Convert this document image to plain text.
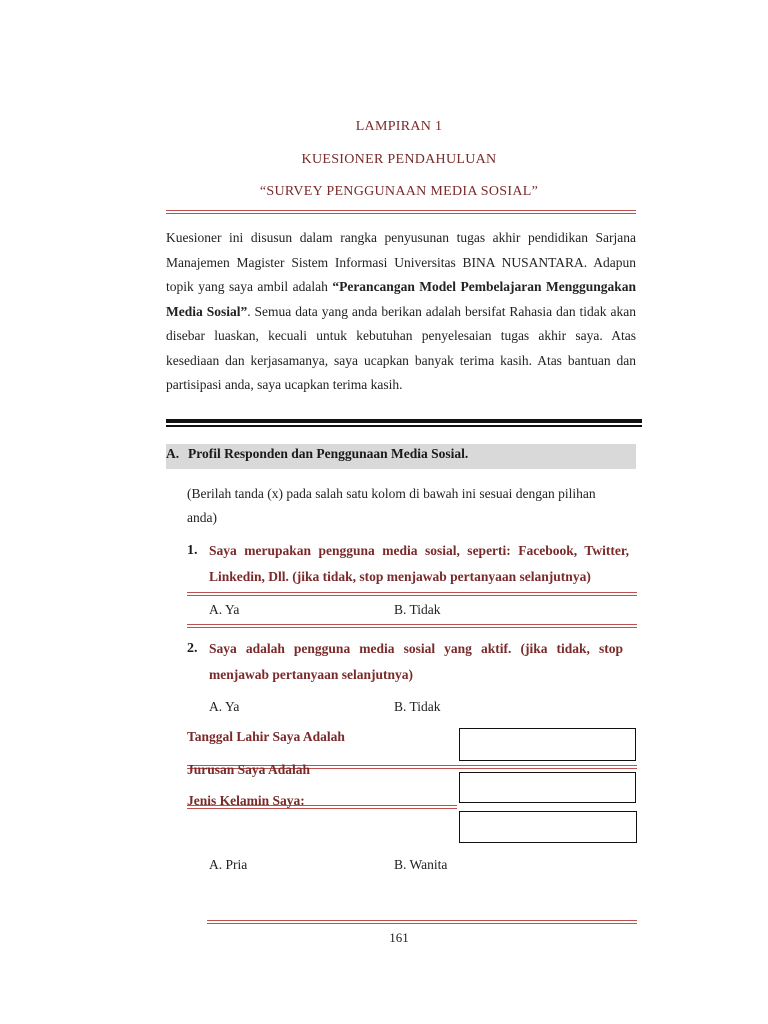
LAMPIRAN 1
KUESIONER PENDAHULUAN
“SURVEY PENGGUNAAN MEDIA SOSIAL”
Kuesioner ini disusun dalam rangka penyusunan tugas akhir pendidikan Sarjana Manajemen Magister Sistem Informasi Universitas BINA NUSANTARA. Adapun topik yang saya ambil adalah “Perancangan Model Pembelajaran Menggungakan Media Sosial”. Semua data yang anda berikan adalah bersifat Rahasia dan tidak akan disebar luaskan, kecuali untuk kebutuhan penyelesaian tugas akhir saya. Atas kesediaan dan kerjasamanya, saya ucapkan banyak terima kasih. Atas bantuan dan partisipasi anda, saya ucapkan terima kasih.
A. Profil Responden dan Penggunaan Media Sosial.
(Berilah tanda (x) pada salah satu kolom di bawah ini sesuai dengan pilihan anda)
1. Saya merupakan pengguna media sosial, seperti: Facebook, Twitter, Linkedin, Dll. (jika tidak, stop menjawab pertanyaan selanjutnya)
A. Ya	B. Tidak
2. Saya adalah pengguna media sosial yang aktif. (jika tidak, stop menjawab pertanyaan selanjutnya)
A. Ya	B. Tidak
Tanggal Lahir Saya Adalah
Jurusan Saya Adalah
Jenis Kelamin Saya:
A. Pria	B. Wanita
161
